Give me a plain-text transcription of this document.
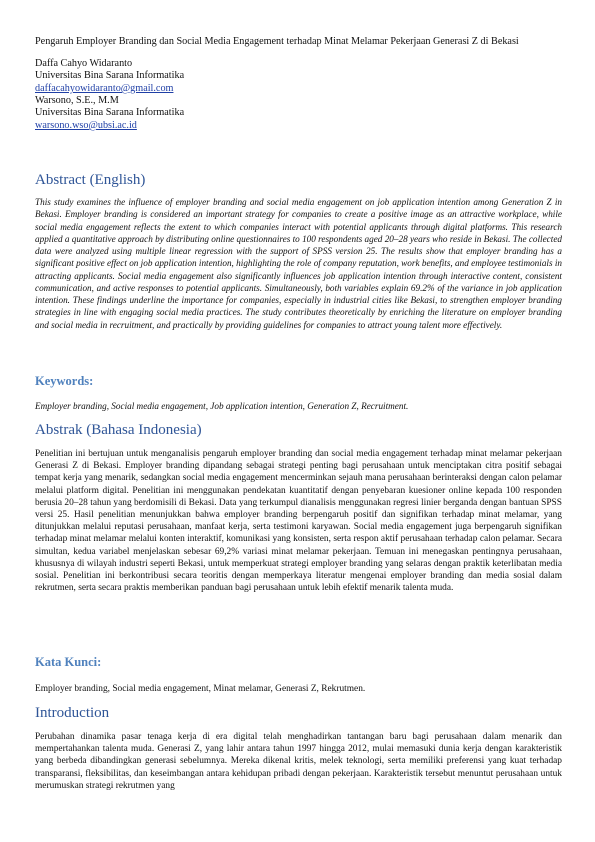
Pengaruh Employer Branding dan Social Media Engagement terhadap Minat Melamar Pekerjaan Generasi Z di Bekasi
Daffa Cahyo Widaranto
Universitas Bina Sarana Informatika
daffacahyowidaranto@gmail.com
Warsono, S.E., M.M
Universitas Bina Sarana Informatika
warsono.wso@ubsi.ac.id
Abstract (English)
This study examines the influence of employer branding and social media engagement on job application intention among Generation Z in Bekasi. Employer branding is considered an important strategy for companies to create a positive image as an attractive workplace, while social media engagement reflects the extent to which companies interact with potential applicants through digital platforms. This research applied a quantitative approach by distributing online questionnaires to 100 respondents aged 20–28 years who reside in Bekasi. The collected data were analyzed using multiple linear regression with the support of SPSS version 25. The results show that employer branding has a significant positive effect on job application intention, highlighting the role of company reputation, work benefits, and employee testimonials in attracting applicants. Social media engagement also significantly influences job application intention through interactive content, consistent communication, and active responses to potential applicants. Simultaneously, both variables explain 69.2% of the variance in job application intention. These findings underline the importance for companies, especially in industrial cities like Bekasi, to strengthen employer branding strategies in line with engaging social media practices. The study contributes theoretically by enriching the literature on employer branding and social media in recruitment, and practically by providing guidelines for companies to attract young talent more effectively.
Keywords:
Employer branding, Social media engagement, Job application intention, Generation Z, Recruitment.
Abstrak (Bahasa Indonesia)
Penelitian ini bertujuan untuk menganalisis pengaruh employer branding dan social media engagement terhadap minat melamar pekerjaan Generasi Z di Bekasi. Employer branding dipandang sebagai strategi penting bagi perusahaan untuk menciptakan citra positif sebagai tempat kerja yang menarik, sedangkan social media engagement mencerminkan sejauh mana perusahaan berinteraksi dengan calon pelamar melalui platform digital. Penelitian ini menggunakan pendekatan kuantitatif dengan penyebaran kuesioner online kepada 100 responden berusia 20–28 tahun yang berdomisili di Bekasi. Data yang terkumpul dianalisis menggunakan regresi linier berganda dengan bantuan SPSS versi 25. Hasil penelitian menunjukkan bahwa employer branding berpengaruh positif dan signifikan terhadap minat melamar, yang ditunjukkan melalui reputasi perusahaan, manfaat kerja, serta testimoni karyawan. Social media engagement juga berpengaruh signifikan terhadap minat melamar melalui konten interaktif, komunikasi yang konsisten, serta respon aktif perusahaan terhadap calon pelamar. Secara simultan, kedua variabel menjelaskan sebesar 69,2% variasi minat melamar pekerjaan. Temuan ini menegaskan pentingnya perusahaan, khususnya di wilayah industri seperti Bekasi, untuk memperkuat strategi employer branding yang selaras dengan praktik keterlibatan media sosial. Penelitian ini berkontribusi secara teoritis dengan memperkaya literatur mengenai employer branding dan media sosial dalam rekrutmen, serta secara praktis memberikan panduan bagi perusahaan untuk lebih efektif menarik talenta muda.
Kata Kunci:
Employer branding, Social media engagement, Minat melamar, Generasi Z, Rekrutmen.
Introduction
Perubahan dinamika pasar tenaga kerja di era digital telah menghadirkan tantangan baru bagi perusahaan dalam menarik dan mempertahankan talenta muda. Generasi Z, yang lahir antara tahun 1997 hingga 2012, mulai memasuki dunia kerja dengan karakteristik yang berbeda dibandingkan generasi sebelumnya. Mereka dikenal kritis, melek teknologi, serta memiliki preferensi yang kuat terhadap transparansi, fleksibilitas, dan keseimbangan antara kehidupan pribadi dengan pekerjaan. Karakteristik tersebut menuntut perusahaan untuk merumuskan strategi rekrutmen yang
